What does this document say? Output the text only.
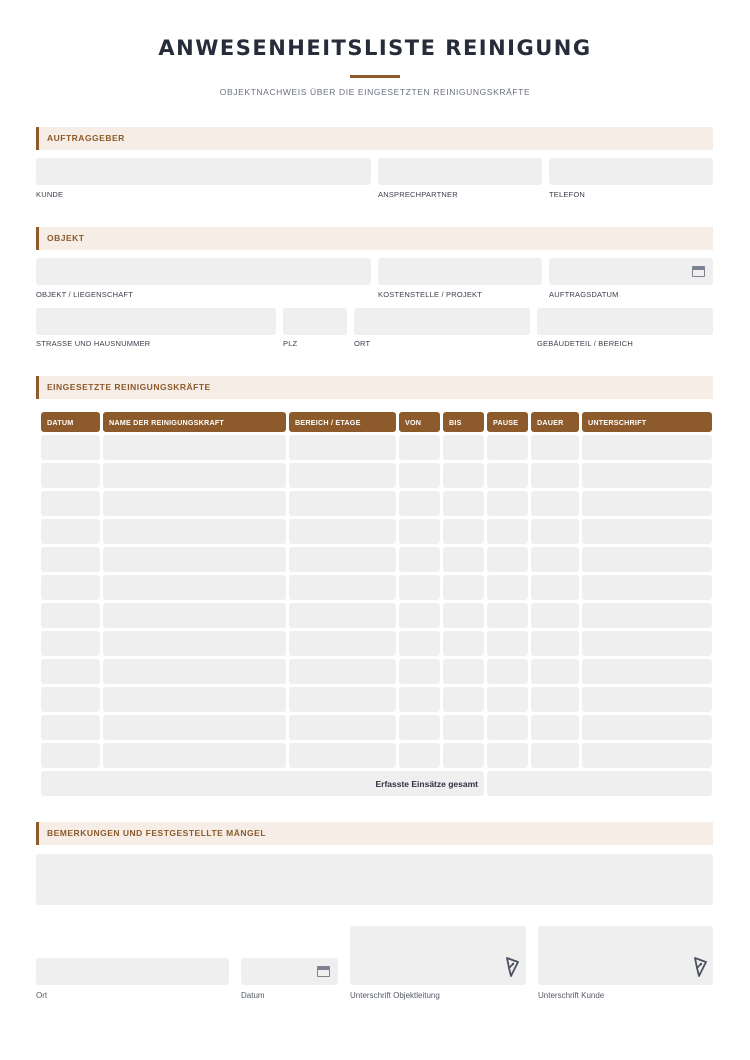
ANWESENHEITSLISTE REINIGUNG
OBJEKTNACHWEIS ÜBER DIE EINGESETZTEN REINIGUNGSKRÄFTE
AUFTRAGGEBER
KUNDE	ANSPRECHPARTNER	TELEFON
OBJEKT
OBJEKT / LIEGENSCHAFT	KOSTENSTELLE / PROJEKT	AUFTRAGSDATUM
STRASSE UND HAUSNUMMER	PLZ	ORT	GEBÄUDETEIL / BEREICH
EINGESETZTE REINIGUNGSKRÄFTE
DATUM	NAME DER REINIGUNGSKRAFT	BEREICH / ETAGE	VON	BIS	PAUSE	DAUER	UNTERSCHRIFT

Erfasste Einsätze gesamt							
BEMERKUNGEN UND FESTGESTELLTE MÄNGEL
Ort	Datum	Unterschrift Objektleitung	Unterschrift Kunde
